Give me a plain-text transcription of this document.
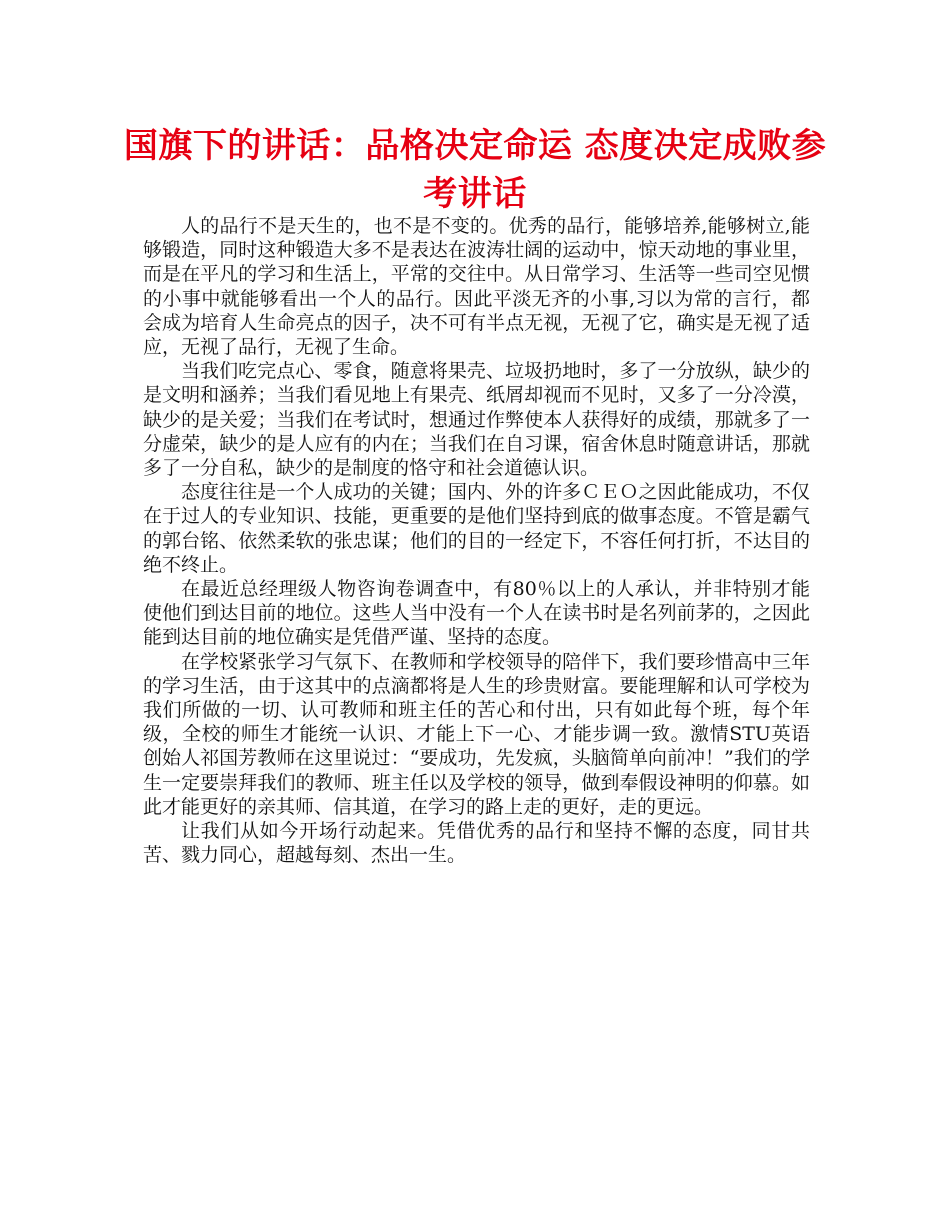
国旗下的讲话：品格决定命运 态度决定成败参考讲话

人的品行不是天生的，也不是不变的。优秀的品行，能够培养,能够树立,能够锻造，同时这种锻造大多不是表达在波涛壮阔的运动中，惊天动地的事业里，而是在平凡的学习和生活上，平常的交往中。从日常学习、生活等一些司空见惯的小事中就能够看出一个人的品行。因此平淡无齐的小事,习以为常的言行，都会成为培育人生命亮点的因子，决不可有半点无视，无视了它，确实是无视了适应，无视了品行，无视了生命。

当我们吃完点心、零食，随意将果壳、垃圾扔地时，多了一分放纵，缺少的是文明和涵养；当我们看见地上有果壳、纸屑却视而不见时，又多了一分冷漠，缺少的是关爱；当我们在考试时，想通过作弊使本人获得好的成绩，那就多了一分虚荣，缺少的是人应有的内在；当我们在自习课，宿舍休息时随意讲话，那就多了一分自私，缺少的是制度的恪守和社会道德认识。

态度往往是一个人成功的关键；国内、外的许多ＣＥＯ之因此能成功，不仅在于过人的专业知识、技能，更重要的是他们坚持到底的做事态度。不管是霸气的郭台铭、依然柔软的张忠谋；他们的目的一经定下，不容任何打折，不达目的绝不终止。

在最近总经理级人物咨询卷调查中，有80％以上的人承认，并非特别才能使他们到达目前的地位。这些人当中没有一个人在读书时是名列前茅的，之因此能到达目前的地位确实是凭借严谨、坚持的态度。

在学校紧张学习气氛下、在教师和学校领导的陪伴下，我们要珍惜高中三年的学习生活，由于这其中的点滴都将是人生的珍贵财富。要能理解和认可学校为我们所做的一切、认可教师和班主任的苦心和付出，只有如此每个班，每个年级，全校的师生才能统一认识、才能上下一心、才能步调一致。激情STU英语创始人祁国芳教师在这里说过：“要成功，先发疯，头脑简单向前冲！”我们的学生一定要崇拜我们的教师、班主任以及学校的领导，做到奉假设神明的仰慕。如此才能更好的亲其师、信其道，在学习的路上走的更好，走的更远。

让我们从如今开场行动起来。凭借优秀的品行和坚持不懈的态度，同甘共苦、戮力同心，超越每刻、杰出一生。
